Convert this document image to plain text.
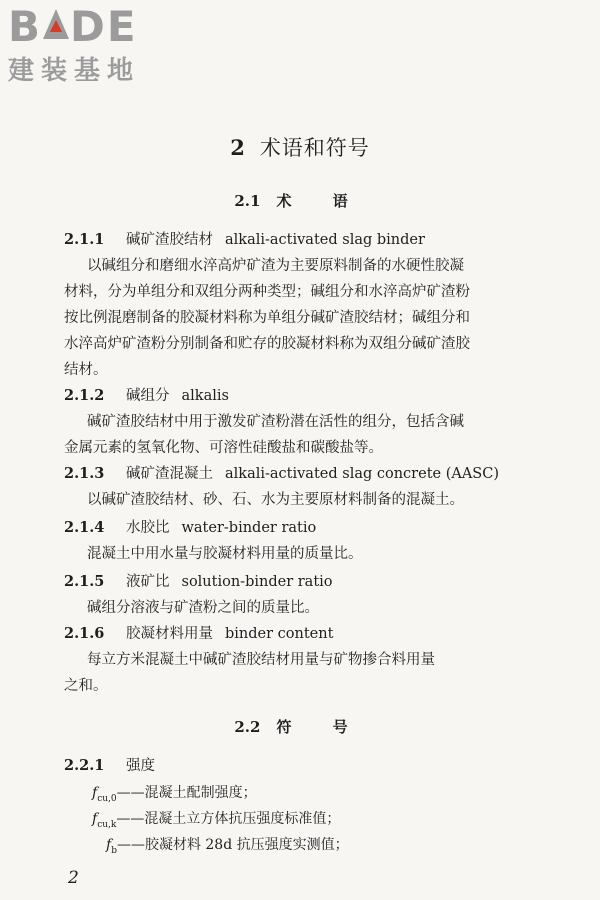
B DE
建装基地
2 术语和符号
2.1 术 语
2.1.1 碱矿渣胶结材 alkali-activated slag binder
以碱组分和磨细水淬高炉矿渣为主要原料制备的水硬性胶凝
材料，分为单组分和双组分两种类型；碱组分和水淬高炉矿渣粉
按比例混磨制备的胶凝材料称为单组分碱矿渣胶结材；碱组分和
水淬高炉矿渣粉分别制备和贮存的胶凝材料称为双组分碱矿渣胶
结材。
2.1.2 碱组分 alkalis
碱矿渣胶结材中用于激发矿渣粉潜在活性的组分，包括含碱
金属元素的氢氧化物、可溶性硅酸盐和碳酸盐等。
2.1.3 碱矿渣混凝土 alkali-activated slag concrete (AASC)
以碱矿渣胶结材、砂、石、水为主要原材料制备的混凝土。
2.1.4 水胶比 water-binder ratio
混凝土中用水量与胶凝材料用量的质量比。
2.1.5 液矿比 solution-binder ratio
碱组分溶液与矿渣粉之间的质量比。
2.1.6 胶凝材料用量 binder content
每立方米混凝土中碱矿渣胶结材用量与矿物掺合料用量
之和。
2.2 符 号
2.2.1 强度
$f_{cu,0}——$混凝土配制强度；
$f_{cu,k}——$混凝土立方体抗压强度标准值；
$f_b——$胶凝材料 28d 抗压强度实测值；
2
